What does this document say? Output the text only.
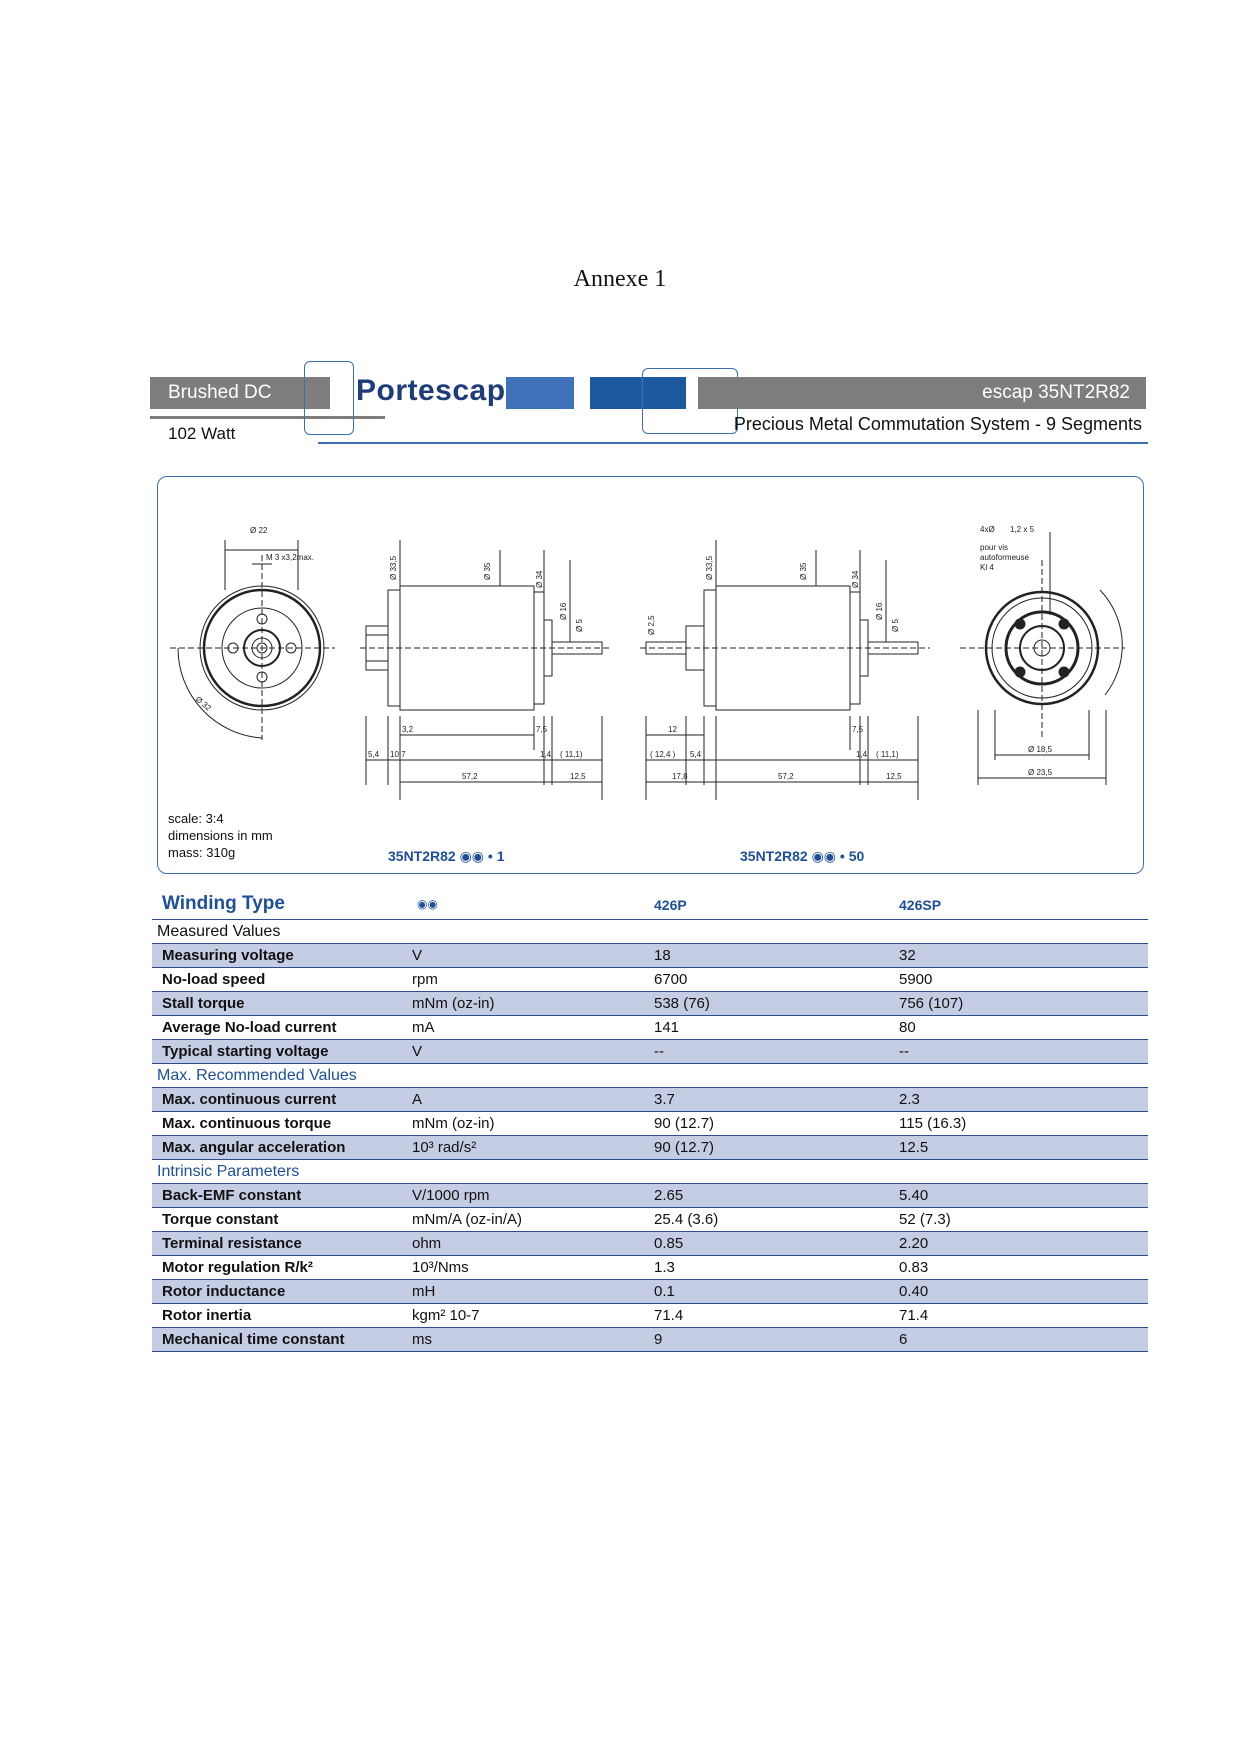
Annexe 1
Brushed DC
102 Watt
Portescap	escap 35NT2R82
Precious Metal Commutation System - 9 Segments
Ø 22
M 3 x3,2max.
Ø 32
Ø 33,5	Ø 35	Ø 34
Ø 16
Ø 5
3,2	7,5
5,4 10,7	1,4 ( 11,1)
57,2	12,5
Ø 2,5
Ø 33,5	Ø 35	Ø 34
Ø 16
Ø 5
12	7,5
( 12,4 ) 5,4	1,4 ( 11,1)
17,8	57,2	12,5
4xØ 1,2 x 5
pour vis
autoformeuse
Kl 4
Ø 18,5
Ø 23,5
scale: 3:4
dimensions in mm
mass: 310g	35NT2R82 ◉◉ • 1	35NT2R82 ◉◉ • 50
Winding Type	◉◉	426P	426SP
Measured Values
Measuring voltage	V	18	32
No-load speed	rpm	6700	5900
Stall torque	mNm (oz-in)	538 (76)	756 (107)
Average No-load current	mA	141	80
Typical starting voltage	V	--	--
Max. Recommended Values
Max. continuous current	A	3.7	2.3
Max. continuous torque	mNm (oz-in)	90 (12.7)	115 (16.3)
Max. angular acceleration	10³ rad/s²	90 (12.7)	12.5
Intrinsic Parameters
Back-EMF constant	V/1000 rpm	2.65	5.40
Torque constant	mNm/A (oz-in/A)	25.4 (3.6)	52 (7.3)
Terminal resistance	ohm	0.85	2.20
Motor regulation R/k²	10³/Nms	1.3	0.83
Rotor inductance	mH	0.1	0.40
Rotor inertia	kgm² 10-7	71.4	71.4
Mechanical time constant	ms	9	6
